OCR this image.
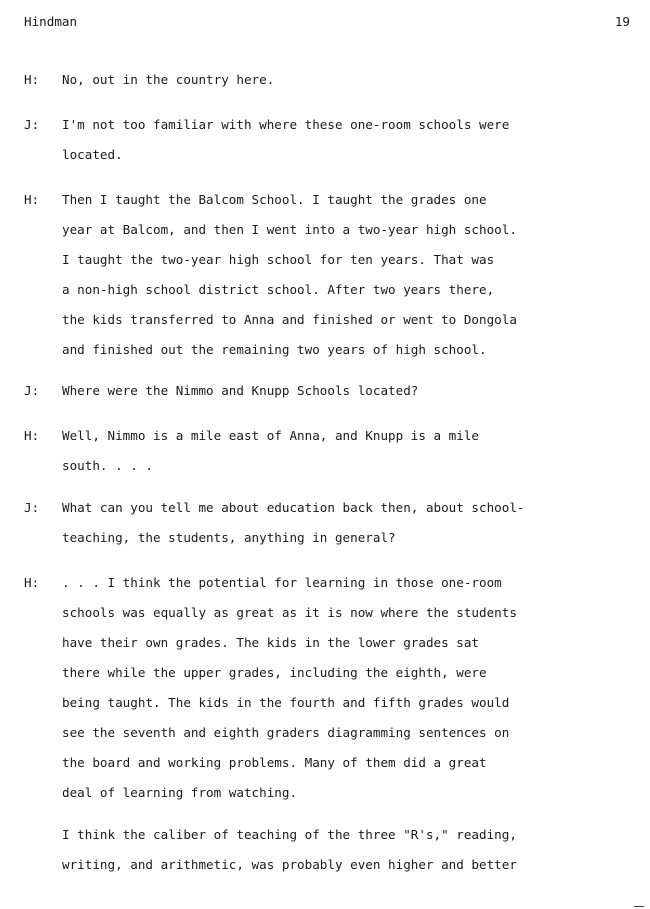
Hindman	19
H:	No, out in the country here.
J:	I'm not too familiar with where these one-room schools were
located.
H:	Then I taught the Balcom School. I taught the grades one
year at Balcom, and then I went into a two-year high school.
I taught the two-year high school for ten years. That was
a non-high school district school. After two years there,
the kids transferred to Anna and finished or went to Dongola
and finished out the remaining two years of high school.
J:	Where were the Nimmo and Knupp Schools located?
H:	Well, Nimmo is a mile east of Anna, and Knupp is a mile
south. . . .
J:	What can you tell me about education back then, about school-
teaching, the students, anything in general?
H:	. . . I think the potential for learning in those one-room
schools was equally as great as it is now where the students
have their own grades. The kids in the lower grades sat
there while the upper grades, including the eighth, were
being taught. The kids in the fourth and fifth grades would
see the seventh and eighth graders diagramming sentences on
the board and working problems. Many of them did a great
deal of learning from watching.
I think the caliber of teaching of the three "R's," reading,
writing, and arithmetic, was probably even higher and better
